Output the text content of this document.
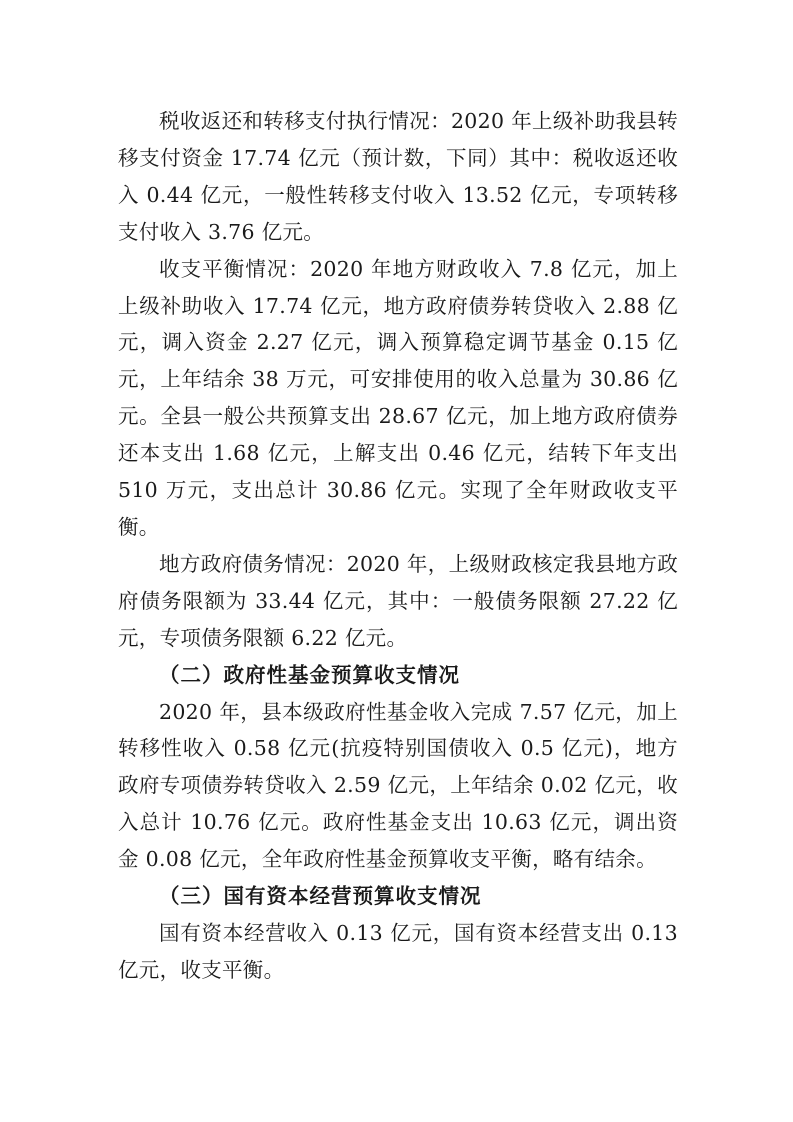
税收返还和转移支付执行情况：2020 年上级补助我县转移支付资金 17.74 亿元（预计数，下同）其中：税收返还收入 0.44 亿元，一般性转移支付收入 13.52 亿元，专项转移支付收入 3.76 亿元。

收支平衡情况：2020 年地方财政收入 7.8 亿元，加上上级补助收入 17.74 亿元，地方政府债券转贷收入 2.88 亿元，调入资金 2.27 亿元，调入预算稳定调节基金 0.15 亿元，上年结余 38 万元，可安排使用的收入总量为 30.86 亿元。全县一般公共预算支出 28.67 亿元，加上地方政府债券还本支出 1.68 亿元，上解支出 0.46 亿元，结转下年支出 510 万元，支出总计 30.86 亿元。实现了全年财政收支平衡。

地方政府债务情况：2020 年，上级财政核定我县地方政府债务限额为 33.44 亿元，其中：一般债务限额 27.22 亿元，专项债务限额 6.22 亿元。

（二）政府性基金预算收支情况

2020 年，县本级政府性基金收入完成 7.57 亿元，加上转移性收入 0.58 亿元(抗疫特别国债收入 0.5 亿元)，地方政府专项债券转贷收入 2.59 亿元，上年结余 0.02 亿元，收入总计 10.76 亿元。政府性基金支出 10.63 亿元，调出资金 0.08 亿元，全年政府性基金预算收支平衡，略有结余。

（三）国有资本经营预算收支情况

国有资本经营收入 0.13 亿元，国有资本经营支出 0.13 亿元，收支平衡。
